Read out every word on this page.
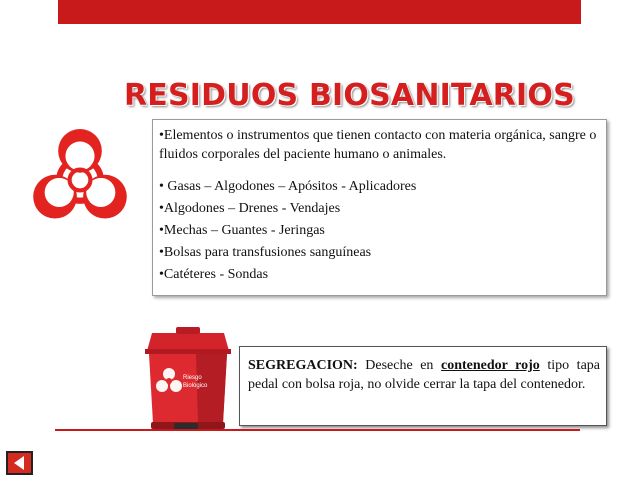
RESIDUOS BIOSANITARIOS

•Elementos o instrumentos que tienen contacto con materia orgánica, sangre o fluidos corporales del paciente humano o animales.

• Gasas – Algodones – Apósitos - Aplicadores
•Algodones – Drenes - Vendajes
•Mechas – Guantes - Jeringas
•Bolsas para transfusiones sanguíneas
•Catéteres - Sondas
Riesgo
Biológico
SEGREGACION: Deseche en contenedor rojo tipo tapa pedal con bolsa roja, no olvide cerrar la tapa del contenedor.
